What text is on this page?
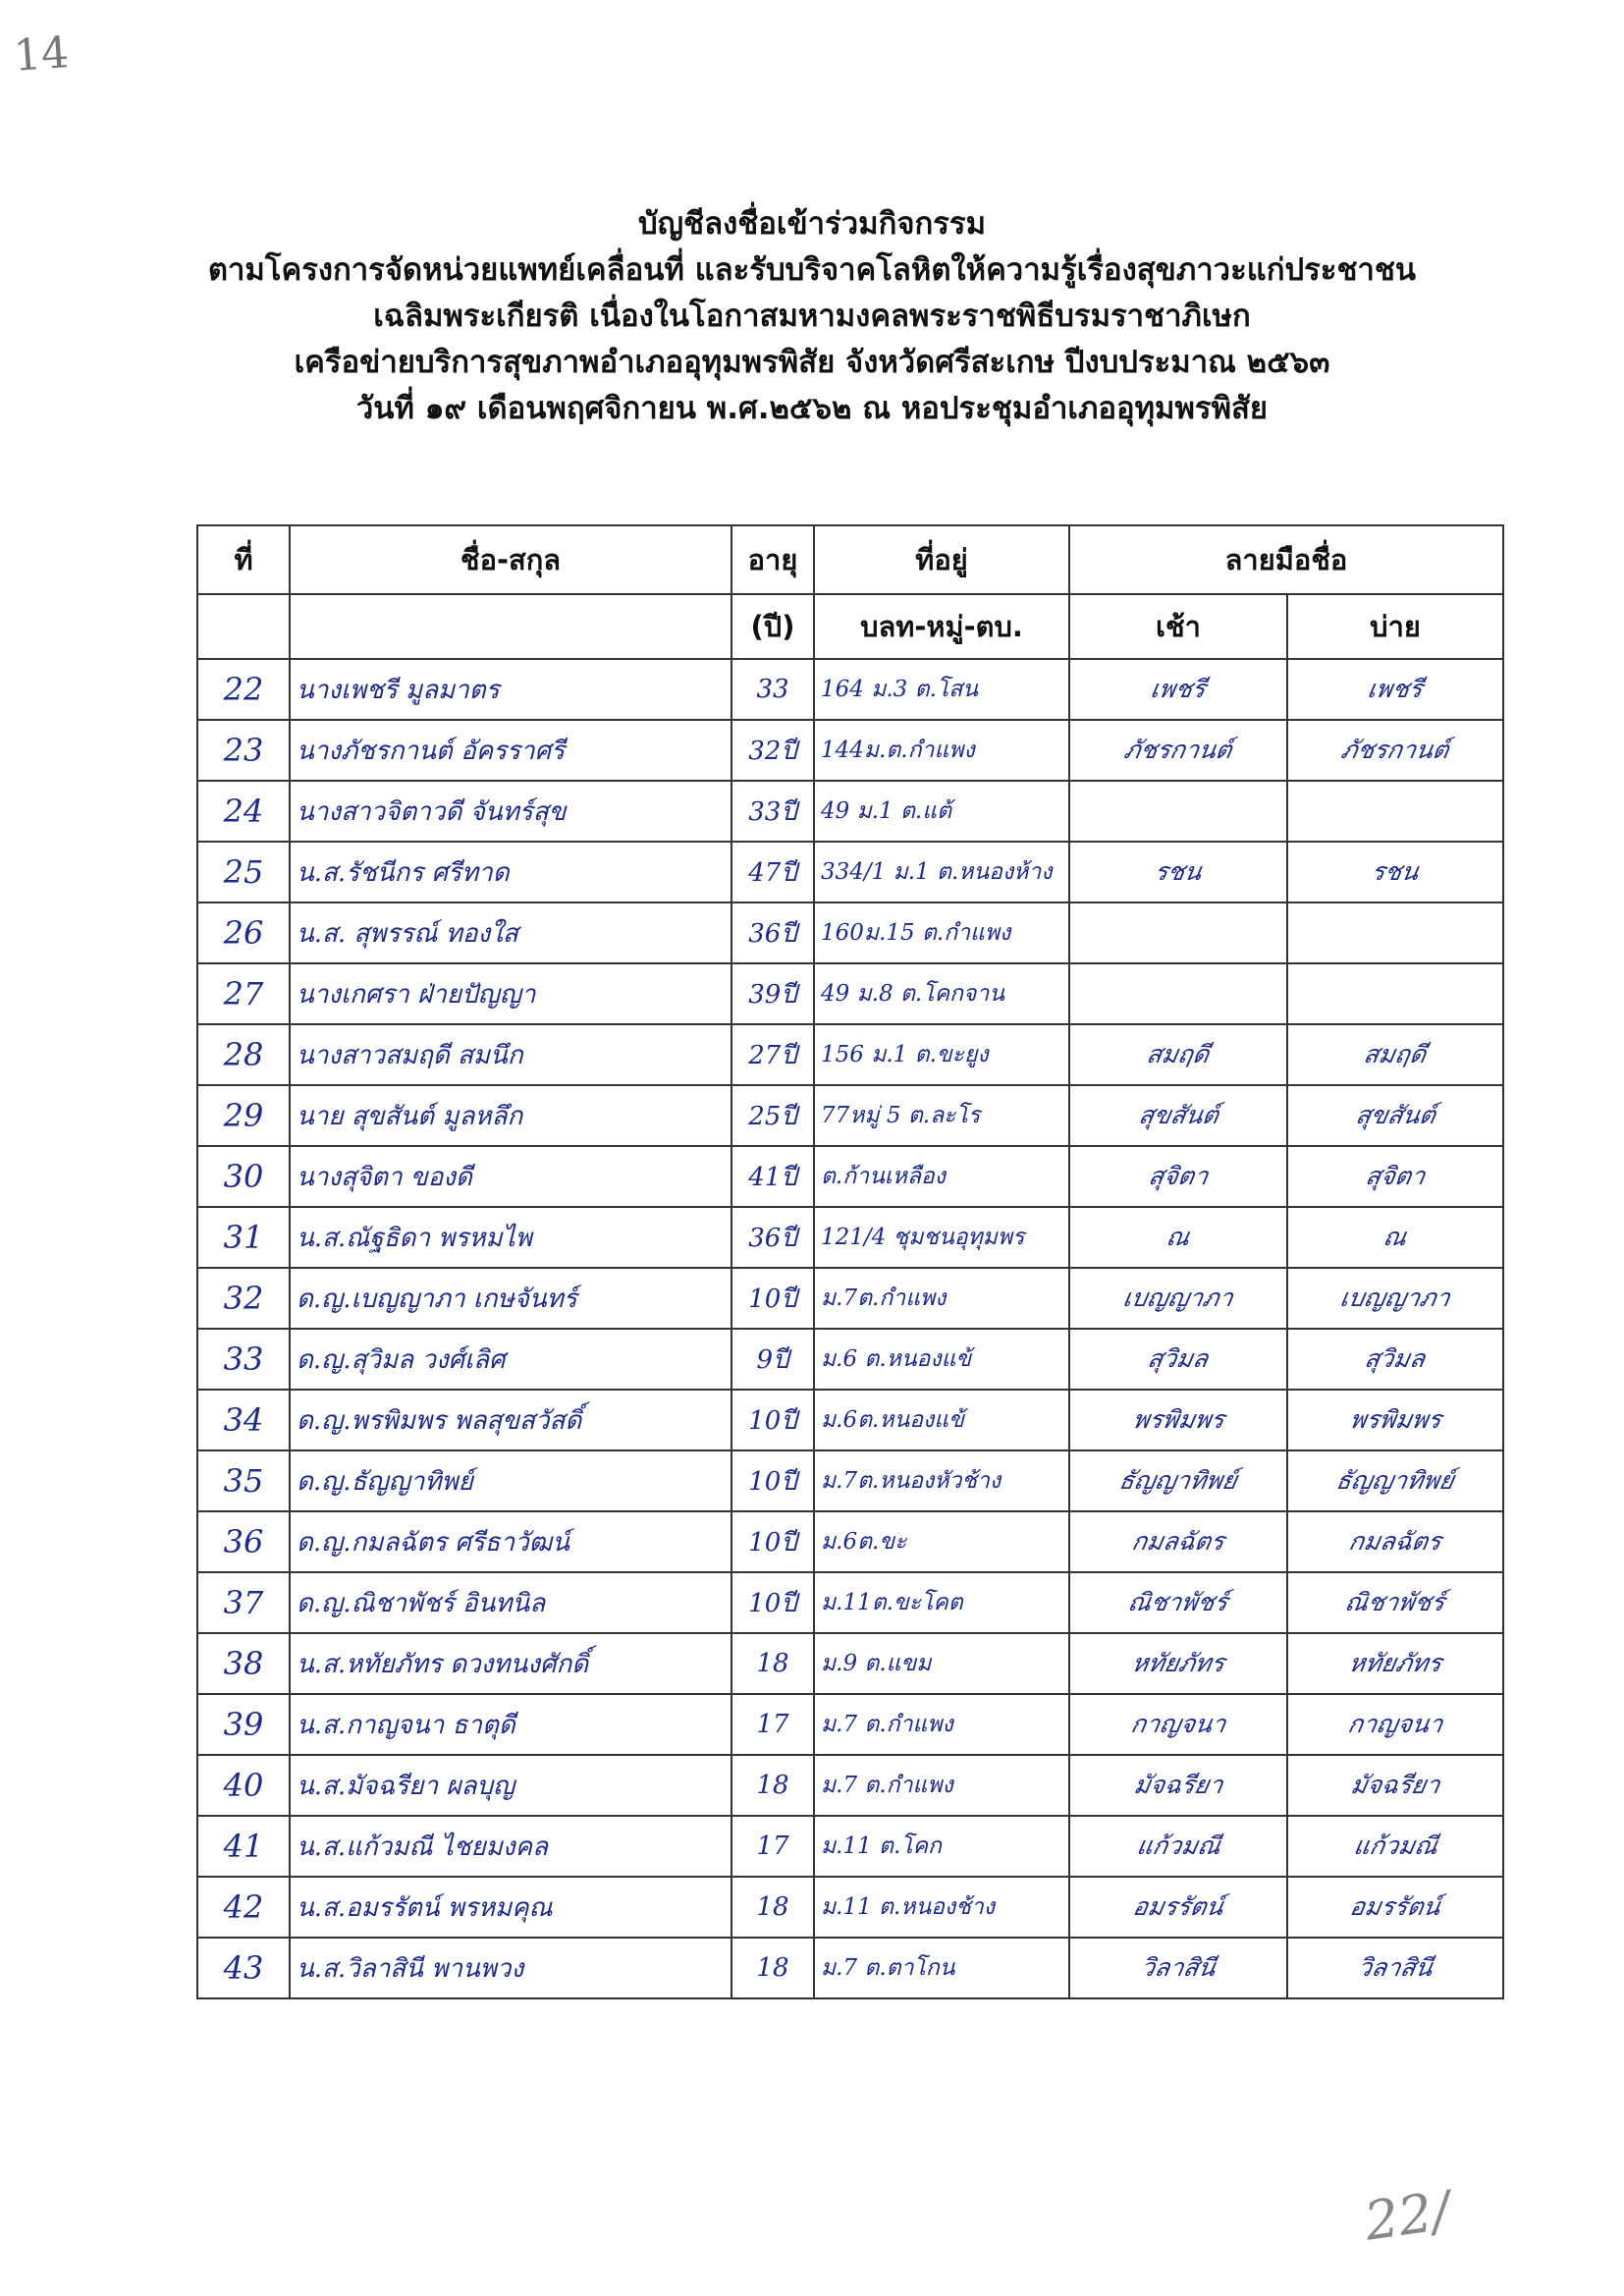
14
บัญชีลงชื่อเข้าร่วมกิจกรรม
ตามโครงการจัดหน่วยแพทย์เคลื่อนที่ และรับบริจาคโลหิตให้ความรู้เรื่องสุขภาวะแก่ประชาชน
เฉลิมพระเกียรติ เนื่องในโอกาสมหามงคลพระราชพิธีบรมราชาภิเษก
เครือข่ายบริการสุขภาพอำเภออุทุมพรพิสัย จังหวัดศรีสะเกษ ปีงบประมาณ ๒๕๖๓
วันที่ ๑๙ เดือนพฤศจิกายน พ.ศ.๒๕๖๒ ณ หอประชุมอำเภออุทุมพรพิสัย
ที่	ชื่อ-สกุล	อายุ	ที่อยู่	ลายมือชื่อ	
		(ปี)	บลท-หมู่-ตบ.	เช้า	บ่าย
22	นางเพชรี มูลมาตร	33	164 ม.3 ต.โสน	เพชรี	เพชรี
23	นางภัชรกานต์ อัครราศรี	32ปี	144ม.ต.กำแพง	ภัชรกานต์	ภัชรกานต์
24	นางสาวจิตาวดี จันทร์สุข	33ปี	49 ม.1 ต.แต้		
25	น.ส.รัชนีกร ศรีทาด	47ปี	334/1 ม.1 ต.หนองห้าง	รชน	รชน
26	น.ส. สุพรรณ์ ทองใส	36ปี	160ม.15 ต.กำแพง		
27	นางเกศรา ฝ่ายปัญญา	39ปี	49 ม.8 ต.โคกจาน		
28	นางสาวสมฤดี สมนึก	27ปี	156 ม.1 ต.ขะยูง	สมฤดี	สมฤดี
29	นาย สุขสันต์ มูลหลึก	25ปี	77หมู่ 5 ต.ละโร	สุขสันต์	สุขสันต์
30	นางสุจิตา ของดี	41ปี	ต.ก้านเหลือง	สุจิตา	สุจิตา
31	น.ส.ณัฐธิดา พรหมไพ	36ปี	121/4 ชุมชนอุทุมพร	ณ	ณ
32	ด.ญ.เบญญาภา เกษจันทร์	10ปี	ม.7ต.กำแพง	เบญญาภา	เบญญาภา
33	ด.ญ.สุวิมล วงศ์เลิศ	9ปี	ม.6 ต.หนองแข้	สุวิมล	สุวิมล
34	ด.ญ.พรพิมพร พลสุขสวัสดิ์	10ปี	ม.6ต.หนองแข้	พรพิมพร	พรพิมพร
35	ด.ญ.ธัญญาทิพย์	10ปี	ม.7ต.หนองหัวช้าง	ธัญญาทิพย์	ธัญญาทิพย์
36	ด.ญ.กมลฉัตร ศรีธาวัฒน์	10ปี	ม.6ต.ขะ	กมลฉัตร	กมลฉัตร
37	ด.ญ.ณิชาพัชร์ อินทนิล	10ปี	ม.11ต.ขะโคต	ณิชาพัชร์	ณิชาพัชร์
38	น.ส.หทัยภัทร ดวงทนงศักดิ์	18	ม.9 ต.แขม	หทัยภัทร	หทัยภัทร
39	น.ส.กาญจนา ธาตุดี	17	ม.7 ต.กำแพง	กาญจนา	กาญจนา
40	น.ส.มัจฉรียา ผลบุญ	18	ม.7 ต.กำแพง	มัจฉรียา	มัจฉรียา
41	น.ส.แก้วมณี ไชยมงคล	17	ม.11 ต.โคก	แก้วมณี	แก้วมณี
42	น.ส.อมรรัตน์ พรหมคุณ	18	ม.11 ต.หนองช้าง	อมรรัตน์	อมรรัตน์
43	น.ส.วิลาสินี พานพวง	18	ม.7 ต.ตาโกน	วิลาสินี	วิลาสินี
22/
